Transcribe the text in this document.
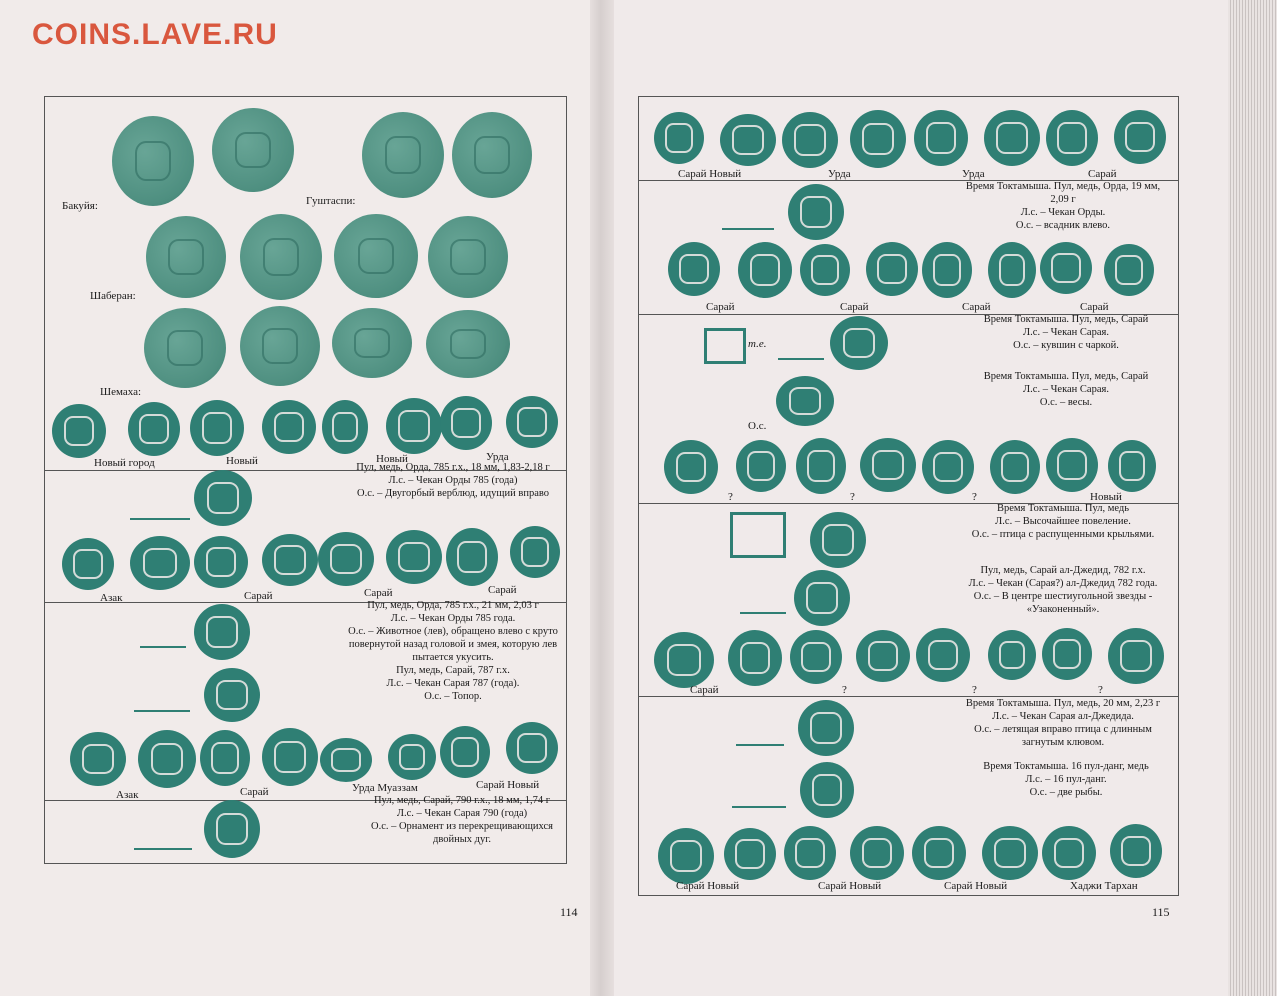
COINS.LAVE.RU
Бакуйя:	Гуштаспи:
Шаберан:
Шемаха:
Новый город	Новый	Новый	Урда
Пул, медь, Орда, 785 г.х., 18 мм, 1,83-2,18 г
Л.с. – Чекан Орды 785 (года)
О.с. – Двугорбый верблюд, идущий вправо
Азак	Сарай	Сарай	Сарай
Пул, медь, Орда, 785 г.х., 21 мм, 2,03 г
Л.с. – Чекан Орды 785 года.
О.с. – Животное (лев), обращено влево с круто
повернутой назад головой и змея, которую лев
пытается укусить.
Пул, медь, Сарай, 787 г.х.
Л.с. – Чекан Сарая 787 (года).
О.с. – Топор.
Азак	Сарай	Урда Муаззам	Сарай Новый
Пул, медь, Сарай, 790 г.х., 18 мм, 1,74 г
Л.с. – Чекан Сарая 790 (года)
О.с. – Орнамент из перекрещивающихся
двойных дуг.
114
Сарай Новый	Урда	Урда	Сарай
Время Токтамыша. Пул, медь, Орда, 19 мм,
2,09 г
Л.с. – Чекан Орды.
О.с. – всадник влево.
Сарай	Сарай	Сарай	Сарай
Время Токтамыша. Пул, медь, Сарай
Л.с. – Чекан Сарая.
О.с. – кувшин с чаркой.
т.е.
Время Токтамыша. Пул, медь, Сарай
Л.с. – Чекан Сарая.
О.с. – весы.
О.с.
?	?	?	Новый
Время Токтамыша. Пул, медь
Л.с. – Высочайшее повеление.
О.с. – птица с распущенными крыльями.
Пул, медь, Сарай ал-Джедид, 782 г.х.
Л.с. – Чекан (Сарая?) ал-Джедид 782 года.
О.с. – В центре шестиугольной звезды -
«Узаконенный».
Сарай	?	?	?
Время Токтамыша. Пул, медь, 20 мм, 2,23 г
Л.с. – Чекан Сарая ал-Джедида.
О.с. – летящая вправо птица с длинным
загнутым клювом.
Время Токтамыша. 16 пул-данг, медь
Л.с. – 16 пул-данг.
О.с. – две рыбы.
Сарай Новый	Сарай Новый	Сарай Новый	Хаджи Тархан
115
